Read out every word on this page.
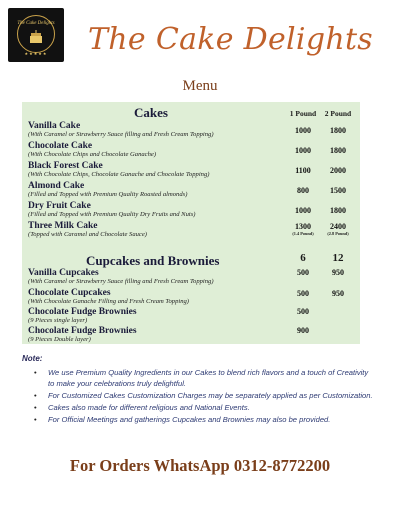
The Cake Delights
★★★★★	The Cake Delights
Menu
Cakes	1 Pound	2 Pound
Vanilla Cake
(With Caramel or Strawberry Sauce filling and Fresh Cream Topping)	1000	1800
Chocolate Cake
(With Chocolate Chips and Chocolate Ganache)	1000	1800
Black Forest Cake
(With Chocolate Chips, Chocolate Ganache and Chocolate Topping)	1100	2000
Almond Cake
(Filled and Topped with Premium Quality Roasted almonds)	800	1500
Dry Fruit Cake
(Filled and Topped with Premium Quality Dry Fruits and Nuts)	1000	1800
Three Milk Cake
(Topped with Caramel and Chocolate Sauce)
1300	2400
(1.4 Pound)	(2.8 Pound)
Cupcakes and Brownies	6	12
Vanilla Cupcakes
(With Caramel or Strawberry Sauce filling and Fresh Cream Topping)
500	950
Chocolate Cupcakes
(With Chocolate Ganache Filling and Fresh Cream Topping)
500	950
Chocolate Fudge Brownies
(9 Pieces single layer)
500
Chocolate Fudge Brownies
(9 Pieces Double layer)
900
Note:
• We use Premium Quality Ingredients in our Cakes to blend rich flavors and a touch of Creativity to make your celebrations truly delightful.
• For Customized Cakes Customization Charges may be separately applied as per Customization.
• Cakes also made for different religious and National Events.
• For Official Meetings and gatherings Cupcakes and Brownies may also be provided.
For Orders WhatsApp 0312-8772200
